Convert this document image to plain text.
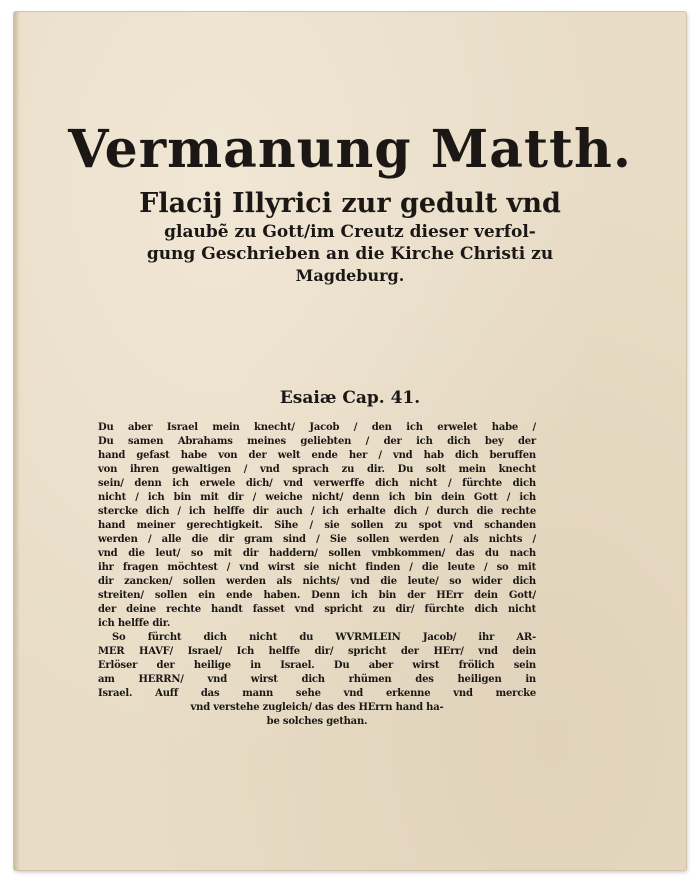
Vermanung Matth.
Flacij Illyrici zur gedult vnd
glaubẽ zu Gott/im Creutz dieser verfol-
gung Geschrieben an die Kirche Christi zu
Magdeburg.
Esaiæ Cap. 41.
Du aber Israel mein knecht/ Jacob / den ich erwelet habe /
Du samen Abrahams meines geliebten / der ich dich bey der
hand gefast habe von der welt ende her / vnd hab dich beruffen
von ihren gewaltigen / vnd sprach zu dir. Du solt mein knecht
sein/ denn ich erwele dich/ vnd verwerffe dich nicht / fürchte dich
nicht / ich bin mit dir / weiche nicht/ denn ich bin dein Gott / ich
stercke dich / ich helffe dir auch / ich erhalte dich / durch die rechte
hand meiner gerechtigkeit. Sihe / sie sollen zu spot vnd schanden
werden / alle die dir gram sind / Sie sollen werden / als nichts /
vnd die leut/ so mit dir haddern/ sollen vmbkommen/ das du nach
ihr fragen möchtest / vnd wirst sie nicht finden / die leute / so mit
dir zancken/ sollen werden als nichts/ vnd die leute/ so wider dich
streiten/ sollen ein ende haben. Denn ich bin der HErr dein Gott/
der deine rechte handt fasset vnd spricht zu dir/ fürchte dich nicht
ich helffe dir.
So fürcht dich nicht du WVRMLEIN Jacob/ ihr AR-
MER HAVF/ Israel/ Ich helffe dir/ spricht der HErr/ vnd dein
Erlöser der heilige in Israel. Du aber wirst frölich sein
am HERRN/ vnd wirst dich rhümen des heiligen in
Israel. Auff das mann sehe vnd erkenne vnd mercke
vnd verstehe zugleich/ das des HErrn hand ha-
be solches gethan.
